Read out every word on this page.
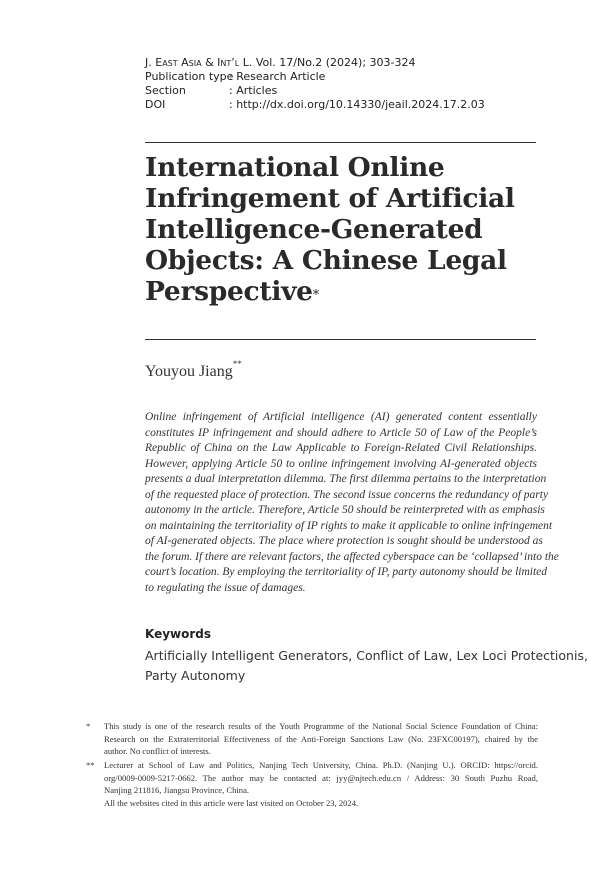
J. East Asia & Int’l L. Vol. 17/No.2 (2024); 303-324
Publication type: Research Article
Section	: Articles
DOI	: http://dx.doi.org/10.14330/jeail.2024.17.2.03
International Online
Infringement of Artificial
Intelligence-Generated
Objects: A Chinese Legal
Perspective*
Youyou Jiang**
Online infringement of Artificial intelligence (AI) generated content essentially
constitutes IP infringement and should adhere to Article 50 of Law of the People’s
Republic of China on the Law Applicable to Foreign-Related Civil Relationships.
However, applying Article 50 to online infringement involving AI-generated objects
presents a dual interpretation dilemma. The first dilemma pertains to the interpretation
of the requested place of protection. The second issue concerns the redundancy of party
autonomy in the article. Therefore, Article 50 should be reinterpreted with as emphasis
on maintaining the territoriality of IP rights to make it applicable to online infringement
of AI-generated objects. The place where protection is sought should be understood as
the forum. If there are relevant factors, the affected cyberspace can be ‘collapsed’ into the
court’s location. By employing the territoriality of IP, party autonomy should be limited
to regulating the issue of damages.
Keywords
Artificially Intelligent Generators, Conflict of Law, Lex Loci Protectionis,
Party Autonomy
*	This study is one of the research results of the Youth Programme of the National Social Science Foundation of China:
Research on the Extraterritorial Effectiveness of the Anti-Foreign Sanctions Law (No. 23FXC00197), chaired by the
author. No conflict of interests.
**	Lecturer at School of Law and Politics, Nanjing Tech University, China. Ph.D. (Nanjing U.). ORCID: https://orcid.
org/0009-0009-5217-0662. The author may be contacted at: jyy@njtech.edu.cn / Address: 30 South Puzhu Road,
Nanjing 211816, Jiangsu Province, China.
All the websites cited in this article were last visited on October 23, 2024.
